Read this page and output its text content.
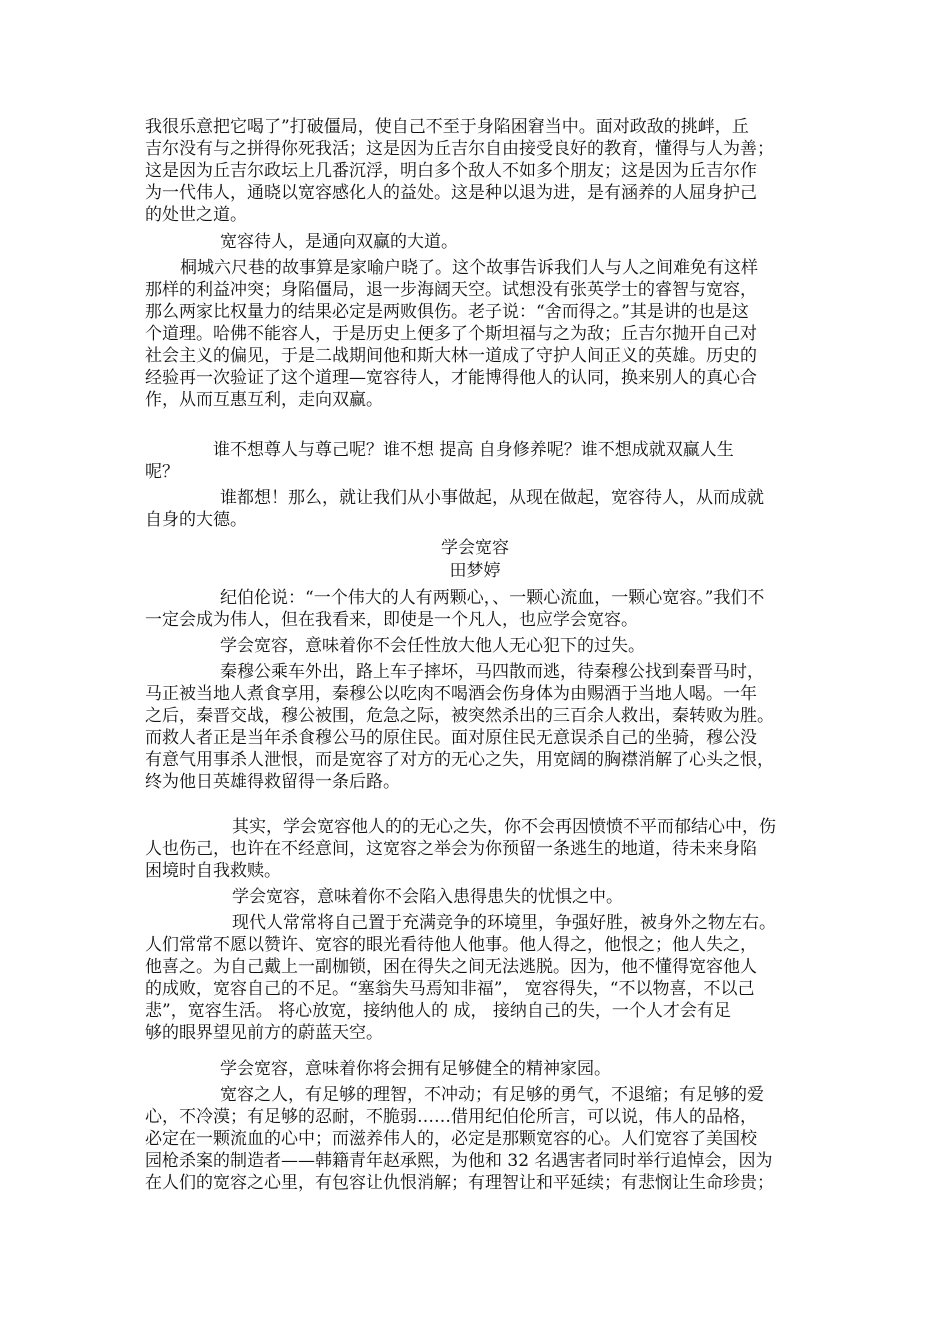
我很乐意把它喝了”打破僵局，使自己不至于身陷困窘当中。面对政敌的挑衅，丘
吉尔没有与之拼得你死我活；这是因为丘吉尔自由接受良好的教育，懂得与人为善；
这是因为丘吉尔政坛上几番沉浮，明白多个敌人不如多个朋友；这是因为丘吉尔作
为一代伟人，通晓以宽容感化人的益处。这是种以退为进，是有涵养的人屈身护己
的处世之道。
宽容待人，是通向双赢的大道。
桐城六尺巷的故事算是家喻户晓了。这个故事告诉我们人与人之间难免有这样
那样的利益冲突；身陷僵局，退一步海阔天空。试想没有张英学士的睿智与宽容，
那么两家比权量力的结果必定是两败俱伤。老子说：“舍而得之。”其是讲的也是这
个道理。哈佛不能容人，于是历史上便多了个斯坦福与之为敌；丘吉尔抛开自己对
社会主义的偏见，于是二战期间他和斯大林一道成了守护人间正义的英雄。历史的
经验再一次验证了这个道理—宽容待人，才能博得他人的认同，换来别人的真心合
作，从而互惠互利，走向双赢。
谁不想尊人与尊己呢？谁不想 提高 自身修养呢？谁不想成就双赢人生
呢？
谁都想！那么，就让我们从小事做起，从现在做起，宽容待人，从而成就
自身的大德。
学会宽容
田梦婷
纪伯伦说：“一个伟大的人有两颗心，、一颗心流血，一颗心宽容。”我们不
一定会成为伟人，但在我看来，即使是一个凡人，也应学会宽容。
学会宽容，意味着你不会任性放大他人无心犯下的过失。
秦穆公乘车外出，路上车子摔坏，马四散而逃，待秦穆公找到秦晋马时，
马正被当地人煮食享用，秦穆公以吃肉不喝酒会伤身体为由赐酒于当地人喝。一年
之后，秦晋交战，穆公被围，危急之际，被突然杀出的三百余人救出，秦转败为胜。
而救人者正是当年杀食穆公马的原住民。面对原住民无意误杀自己的坐骑，穆公没
有意气用事杀人泄恨，而是宽容了对方的无心之失，用宽阔的胸襟消解了心头之恨，
终为他日英雄得救留得一条后路。
其实，学会宽容他人的的无心之失，你不会再因愤愤不平而郁结心中，伤
人也伤己，也许在不经意间，这宽容之举会为你预留一条逃生的地道，待未来身陷
困境时自我救赎。
学会宽容，意味着你不会陷入患得患失的忧惧之中。
现代人常常将自己置于充满竞争的环境里，争强好胜，被身外之物左右。
人们常常不愿以赞许、宽容的眼光看待他人他事。他人得之，他恨之；他人失之，
他喜之。为自己戴上一副枷锁，困在得失之间无法逃脱。因为，他不懂得宽容他人
的成败，宽容自己的不足。“塞翁失马焉知非福”， 宽容得失，“不以物喜，不以己
悲”，宽容生活。 将心放宽，接纳他人的 成， 接纳自己的失，一个人才会有足
够的眼界望见前方的蔚蓝天空。
学会宽容，意味着你将会拥有足够健全的精神家园。
宽容之人，有足够的理智，不冲动；有足够的勇气，不退缩；有足够的爱
心，不冷漠；有足够的忍耐，不脆弱……借用纪伯伦所言，可以说，伟人的品格，
必定在一颗流血的心中；而滋养伟人的，必定是那颗宽容的心。人们宽容了美国校
园枪杀案的制造者——韩籍青年赵承熙，为他和 32 名遇害者同时举行追悼会，因为
在人们的宽容之心里，有包容让仇恨消解；有理智让和平延续；有悲悯让生命珍贵；
